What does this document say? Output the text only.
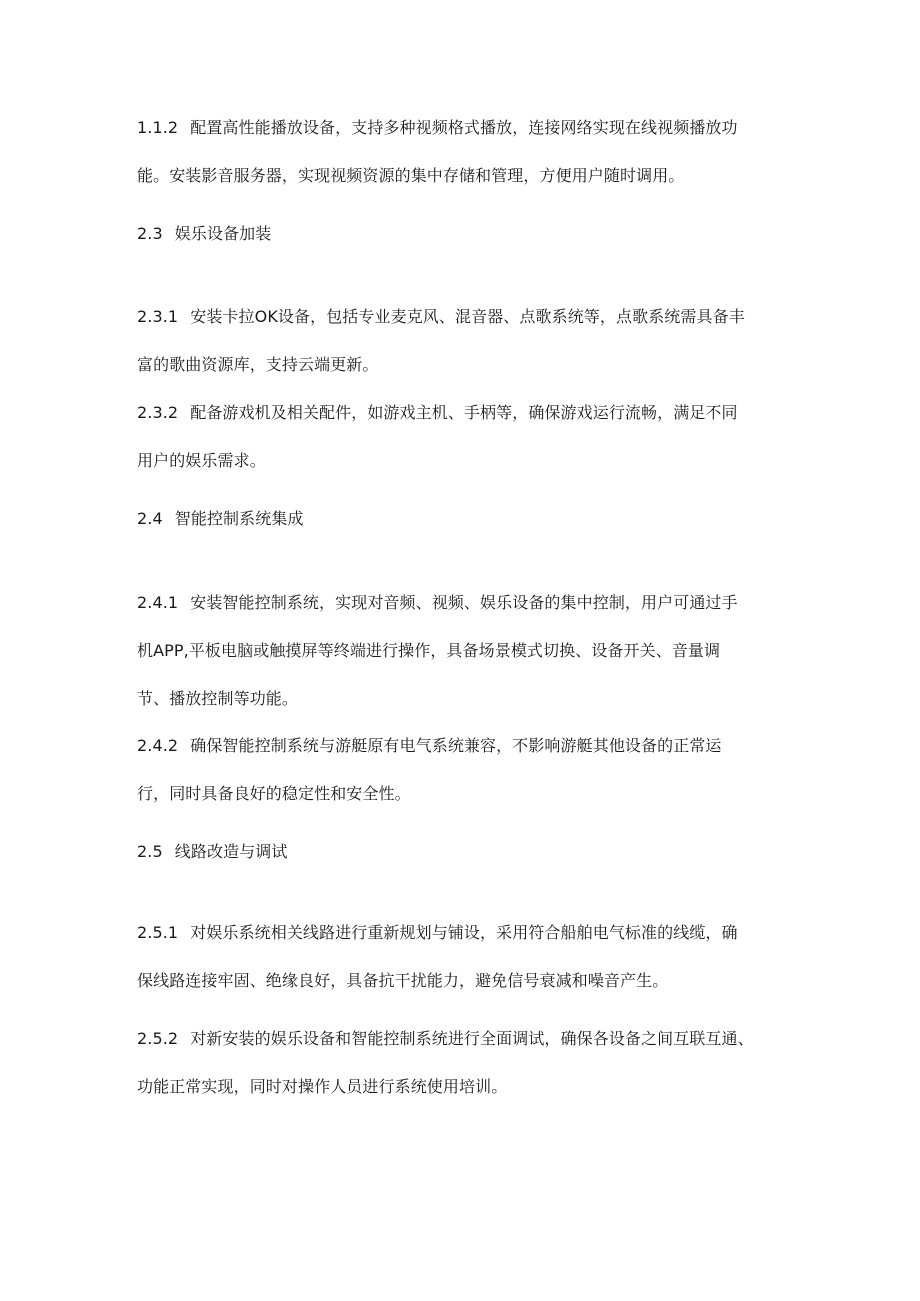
1.1.2 配置高性能播放设备，支持多种视频格式播放，连接网络实现在线视频播放功
能。安装影音服务器，实现视频资源的集中存储和管理，方便用户随时调用。
2.3 娱乐设备加装
2.3.1 安装卡拉OK设备，包括专业麦克风、混音器、点歌系统等，点歌系统需具备丰
富的歌曲资源库，支持云端更新。
2.3.2 配备游戏机及相关配件，如游戏主机、手柄等，确保游戏运行流畅，满足不同
用户的娱乐需求。
2.4 智能控制系统集成
2.4.1 安装智能控制系统，实现对音频、视频、娱乐设备的集中控制，用户可通过手
机APP,平板电脑或触摸屏等终端进行操作，具备场景模式切换、设备开关、音量调
节、播放控制等功能。
2.4.2 确保智能控制系统与游艇原有电气系统兼容，不影响游艇其他设备的正常运
行，同时具备良好的稳定性和安全性。
2.5 线路改造与调试
2.5.1 对娱乐系统相关线路进行重新规划与铺设，采用符合船舶电气标准的线缆，确
保线路连接牢固、绝缘良好，具备抗干扰能力，避免信号衰减和噪音产生。
2.5.2 对新安装的娱乐设备和智能控制系统进行全面调试，确保各设备之间互联互通、
功能正常实现，同时对操作人员进行系统使用培训。
